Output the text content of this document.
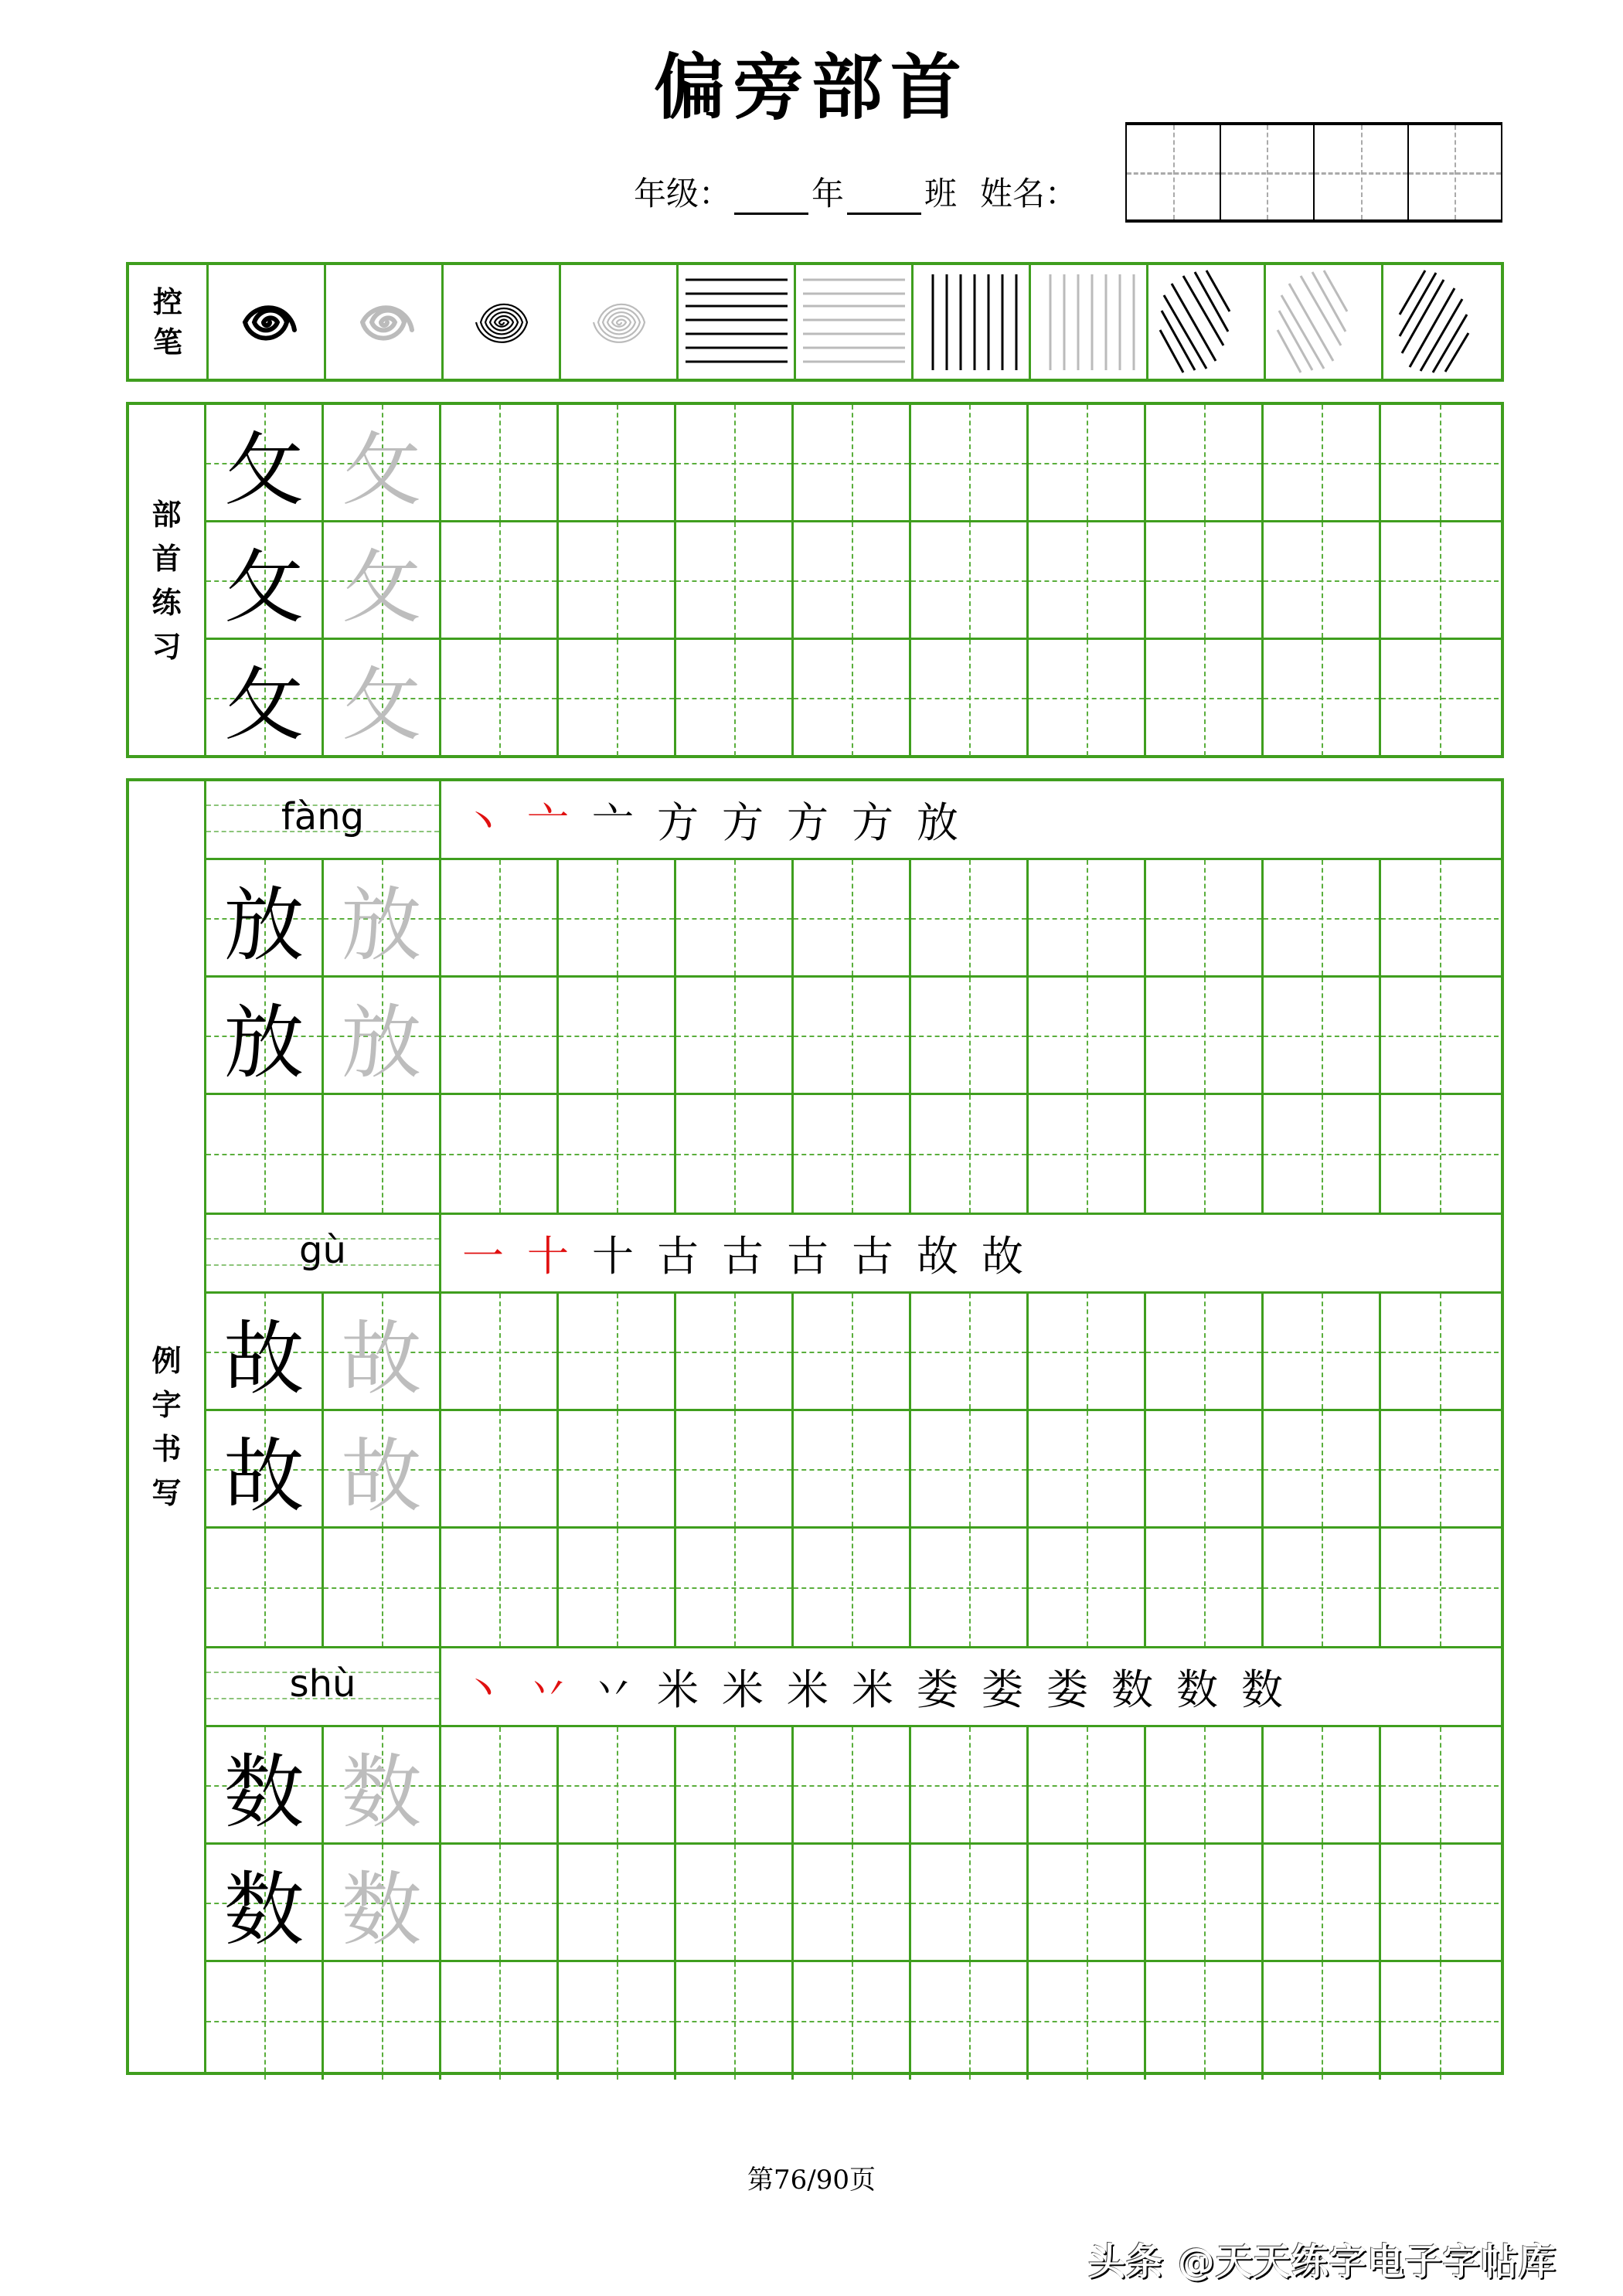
偏旁部首
年级： 年 班 姓名：
控
笔
部
首
练
习
攵 攵
攵 攵
攵 攵
例
字
书
写
fàng 丶 亠 亠 方 方 方 方 放
放 放
放 放
gù	一 十 十 古 古 古 古 故 故
故 故
故 故
shù	丶 丷 丷 米 米 米 米 娄 娄 娄 数 数 数
数 数
数 数
第76/90页
头条 @天天练字电子字帖库
